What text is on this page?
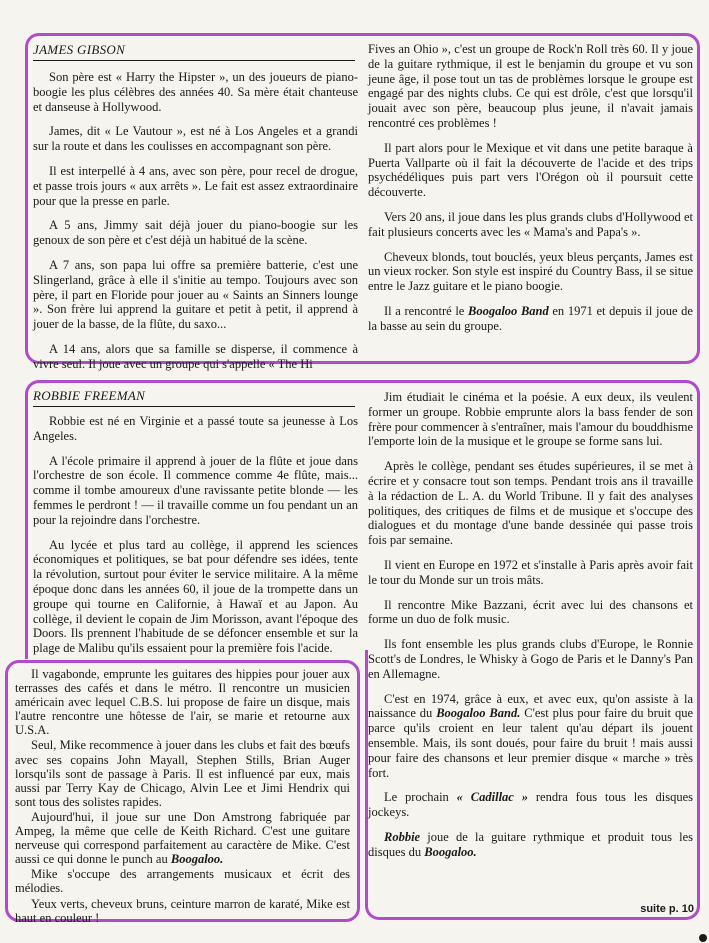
JAMES GIBSON

Son père est « Harry the Hipster », un des joueurs de piano-boogie les plus célèbres des années 40. Sa mère était chanteuse et danseuse à Hollywood.

James, dit « Le Vautour », est né à Los Angeles et a grandi sur la route et dans les coulisses en accompagnant son père.

Il est interpellé à 4 ans, avec son père, pour recel de drogue, et passe trois jours « aux arrêts ». Le fait est assez extraordinaire pour que la presse en parle.

A 5 ans, Jimmy sait déjà jouer du piano-boogie sur les genoux de son père et c'est déjà un habitué de la scène.

A 7 ans, son papa lui offre sa première batterie, c'est une Slingerland, grâce à elle il s'initie au tempo. Toujours avec son père, il part en Floride pour jouer au « Saints an Sinners lounge ». Son frère lui apprend la guitare et petit à petit, il apprend à jouer de la basse, de la flûte, du saxo...

A 14 ans, alors que sa famille se disperse, il commence à vivre seul. Il joue avec un groupe qui s'appelle « The Hi

Fives an Ohio », c'est un groupe de Rock'n Roll très 60. Il y joue de la guitare rythmique, il est le benjamin du groupe et vu son jeune âge, il pose tout un tas de problèmes lorsque le groupe est engagé par des nights clubs. Ce qui est drôle, c'est que lorsqu'il jouait avec son père, beaucoup plus jeune, il n'avait jamais rencontré ces problèmes !

Il part alors pour le Mexique et vit dans une petite baraque à Puerta Vallparte où il fait la découverte de l'acide et des trips psychédéliques puis part vers l'Orégon où il poursuit cette découverte.

Vers 20 ans, il joue dans les plus grands clubs d'Hollywood et fait plusieurs concerts avec les « Mama's and Papa's ».

Cheveux blonds, tout bouclés, yeux bleus perçants, James est un vieux rocker. Son style est inspiré du Country Bass, il se situe entre le Jazz guitare et le piano boogie.

Il a rencontré le Boogaloo Band en 1971 et depuis il joue de la basse au sein du groupe.

ROBBIE FREEMAN

Robbie est né en Virginie et a passé toute sa jeunesse à Los Angeles.

A l'école primaire il apprend à jouer de la flûte et joue dans l'orchestre de son école. Il commence comme 4e flûte, mais... comme il tombe amoureux d'une ravissante petite blonde — les femmes le perdront ! — il travaille comme un fou pendant un an pour la rejoindre dans l'orchestre.

Au lycée et plus tard au collège, il apprend les sciences économiques et politiques, se bat pour défendre ses idées, tente la révolution, surtout pour éviter le service militaire. A la même époque donc dans les années 60, il joue de la trompette dans un groupe qui tourne en Californie, à Hawaï et au Japon. Au collège, il devient le copain de Jim Morisson, avant l'époque des Doors. Ils prennent l'habitude de se défoncer ensemble et sur la plage de Malibu qu'ils essaient pour la première fois l'acide.

Jim étudiait le cinéma et la poésie. A eux deux, ils veulent former un groupe. Robbie emprunte alors la bass fender de son frère pour commencer à s'entraîner, mais l'amour du bouddhisme l'emporte loin de la musique et le groupe se forme sans lui.

Après le collège, pendant ses études supérieures, il se met à écrire et y consacre tout son temps. Pendant trois ans il travaille à la rédaction de L. A. du World Tribune. Il y fait des analyses politiques, des critiques de films et de musique et s'occupe des dialogues et du montage d'une bande dessinée qui passe trois fois par semaine.

Il vient en Europe en 1972 et s'installe à Paris après avoir fait le tour du Monde sur un trois mâts.

Il rencontre Mike Bazzani, écrit avec lui des chansons et forme un duo de folk music.

Ils font ensemble les plus grands clubs d'Europe, le Ronnie Scott's de Londres, le Whisky à Gogo de Paris et le Danny's Pan en Allemagne.

C'est en 1974, grâce à eux, et avec eux, qu'on assiste à la naissance du Boogaloo Band. C'est plus pour faire du bruit que parce qu'ils croient en leur talent qu'au départ ils jouent ensemble. Mais, ils sont doués, pour faire du bruit ! mais aussi pour faire des chansons et leur premier disque « marche » très fort.

Le prochain « Cadillac » rendra fous tous les disques jockeys.

Robbie joue de la guitare rythmique et produit tous les disques du Boogaloo.

Il vagabonde, emprunte les guitares des hippies pour jouer aux terrasses des cafés et dans le métro. Il rencontre un musicien américain avec lequel C.B.S. lui propose de faire un disque, mais l'autre rencontre une hôtesse de l'air, se marie et retourne aux U.S.A.

Seul, Mike recommence à jouer dans les clubs et fait des bœufs avec ses copains John Mayall, Stephen Stills, Brian Auger lorsqu'ils sont de passage à Paris. Il est influencé par eux, mais aussi par Terry Kay de Chicago, Alvin Lee et Jimi Hendrix qui sont tous des solistes rapides.

Aujourd'hui, il joue sur une Don Amstrong fabriquée par Ampeg, la même que celle de Keith Richard. C'est une guitare nerveuse qui correspond parfaitement au caractère de Mike. C'est aussi ce qui donne le punch au Boogaloo.

Mike s'occupe des arrangements musicaux et écrit des mélodies.

Yeux verts, cheveux bruns, ceinture marron de karaté, Mike est haut en couleur !

suite p. 10
